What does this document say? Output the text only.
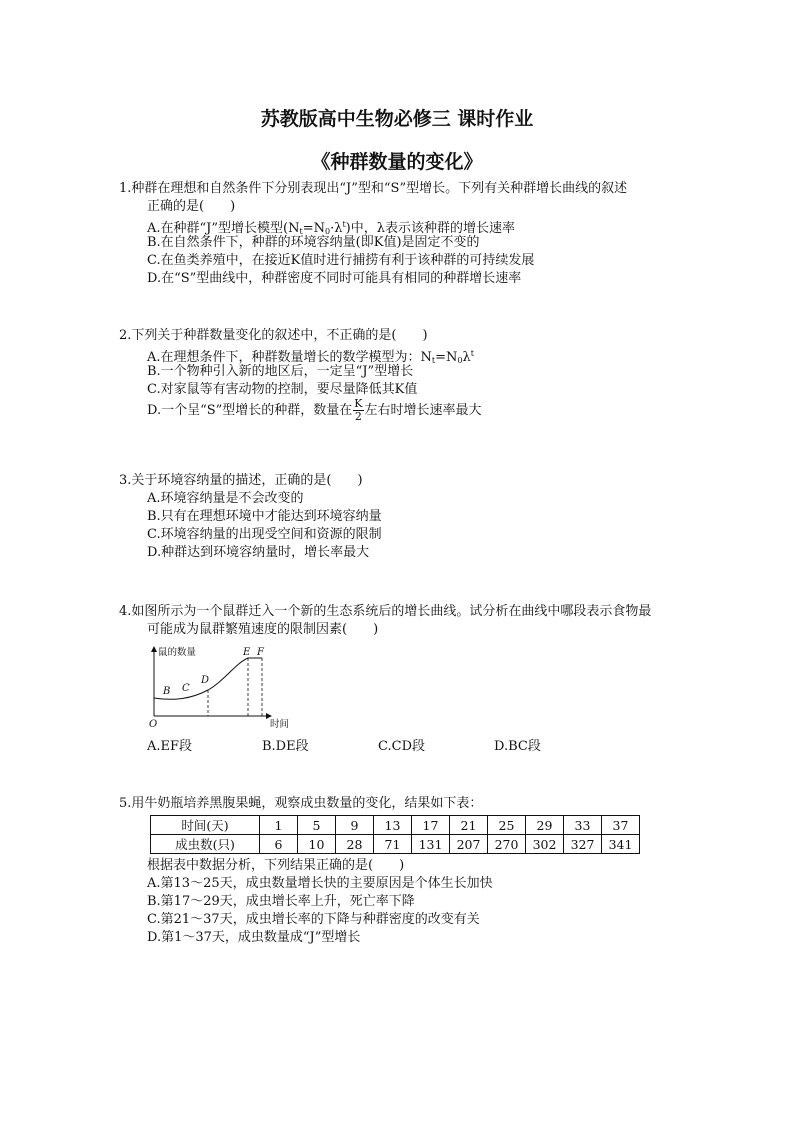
苏教版高中生物必修三 课时作业
《种群数量的变化》
1.种群在理想和自然条件下分别表现出“J”型和“S”型增长。下列有关种群增长曲线的叙述
正确的是(　　)
A.在种群“J”型增长模型$(N_t=N_0\cdot\lambda^t)$中，λ表示该种群的增长速率
B.在自然条件下，种群的环境容纳量(即K值)是固定不变的
C.在鱼类养殖中，在接近K值时进行捕捞有利于该种群的可持续发展
D.在“S”型曲线中，种群密度不同时可能具有相同的种群增长速率
2.下列关于种群数量变化的叙述中，不正确的是(　　)
A.在理想条件下，种群数量增长的数学模型为：$N_t=N_0\lambda^t$
B.一个物种引入新的地区后，一定呈“J”型增长
C.对家鼠等有害动物的控制，要尽量降低其K值
D.一个呈“S”型增长的种群，数量在 $\frac{K}{2}$ 左右时增长速率最大
3.关于环境容纳量的描述，正确的是(　　)
A.环境容纳量是不会改变的
B.只有在理想环境中才能达到环境容纳量
C.环境容纳量的出现受空间和资源的限制
D.种群达到环境容纳量时，增长率最大
4.如图所示为一个鼠群迁入一个新的生态系统后的增长曲线。试分析在曲线中哪段表示食物最
可能成为鼠群繁殖速度的限制因素(　　)
鼠的数量
时间
O
B C
D
E F
A.EF段	B.DE段	C.CD段	D.BC段
5.用牛奶瓶培养黑腹果蝇，观察成虫数量的变化，结果如下表：
时间(天)	1	5	9	13	17	21	25	29	33	37
成虫数(只)	6	10	28	71	131	207	270	302	327	341
根据表中数据分析，下列结果正确的是(　　)
A.第13～25天，成虫数量增长快的主要原因是个体生长加快
B.第17～29天，成虫增长率上升，死亡率下降
C.第21～37天，成虫增长率的下降与种群密度的改变有关
D.第1～37天，成虫数量成“J”型增长
